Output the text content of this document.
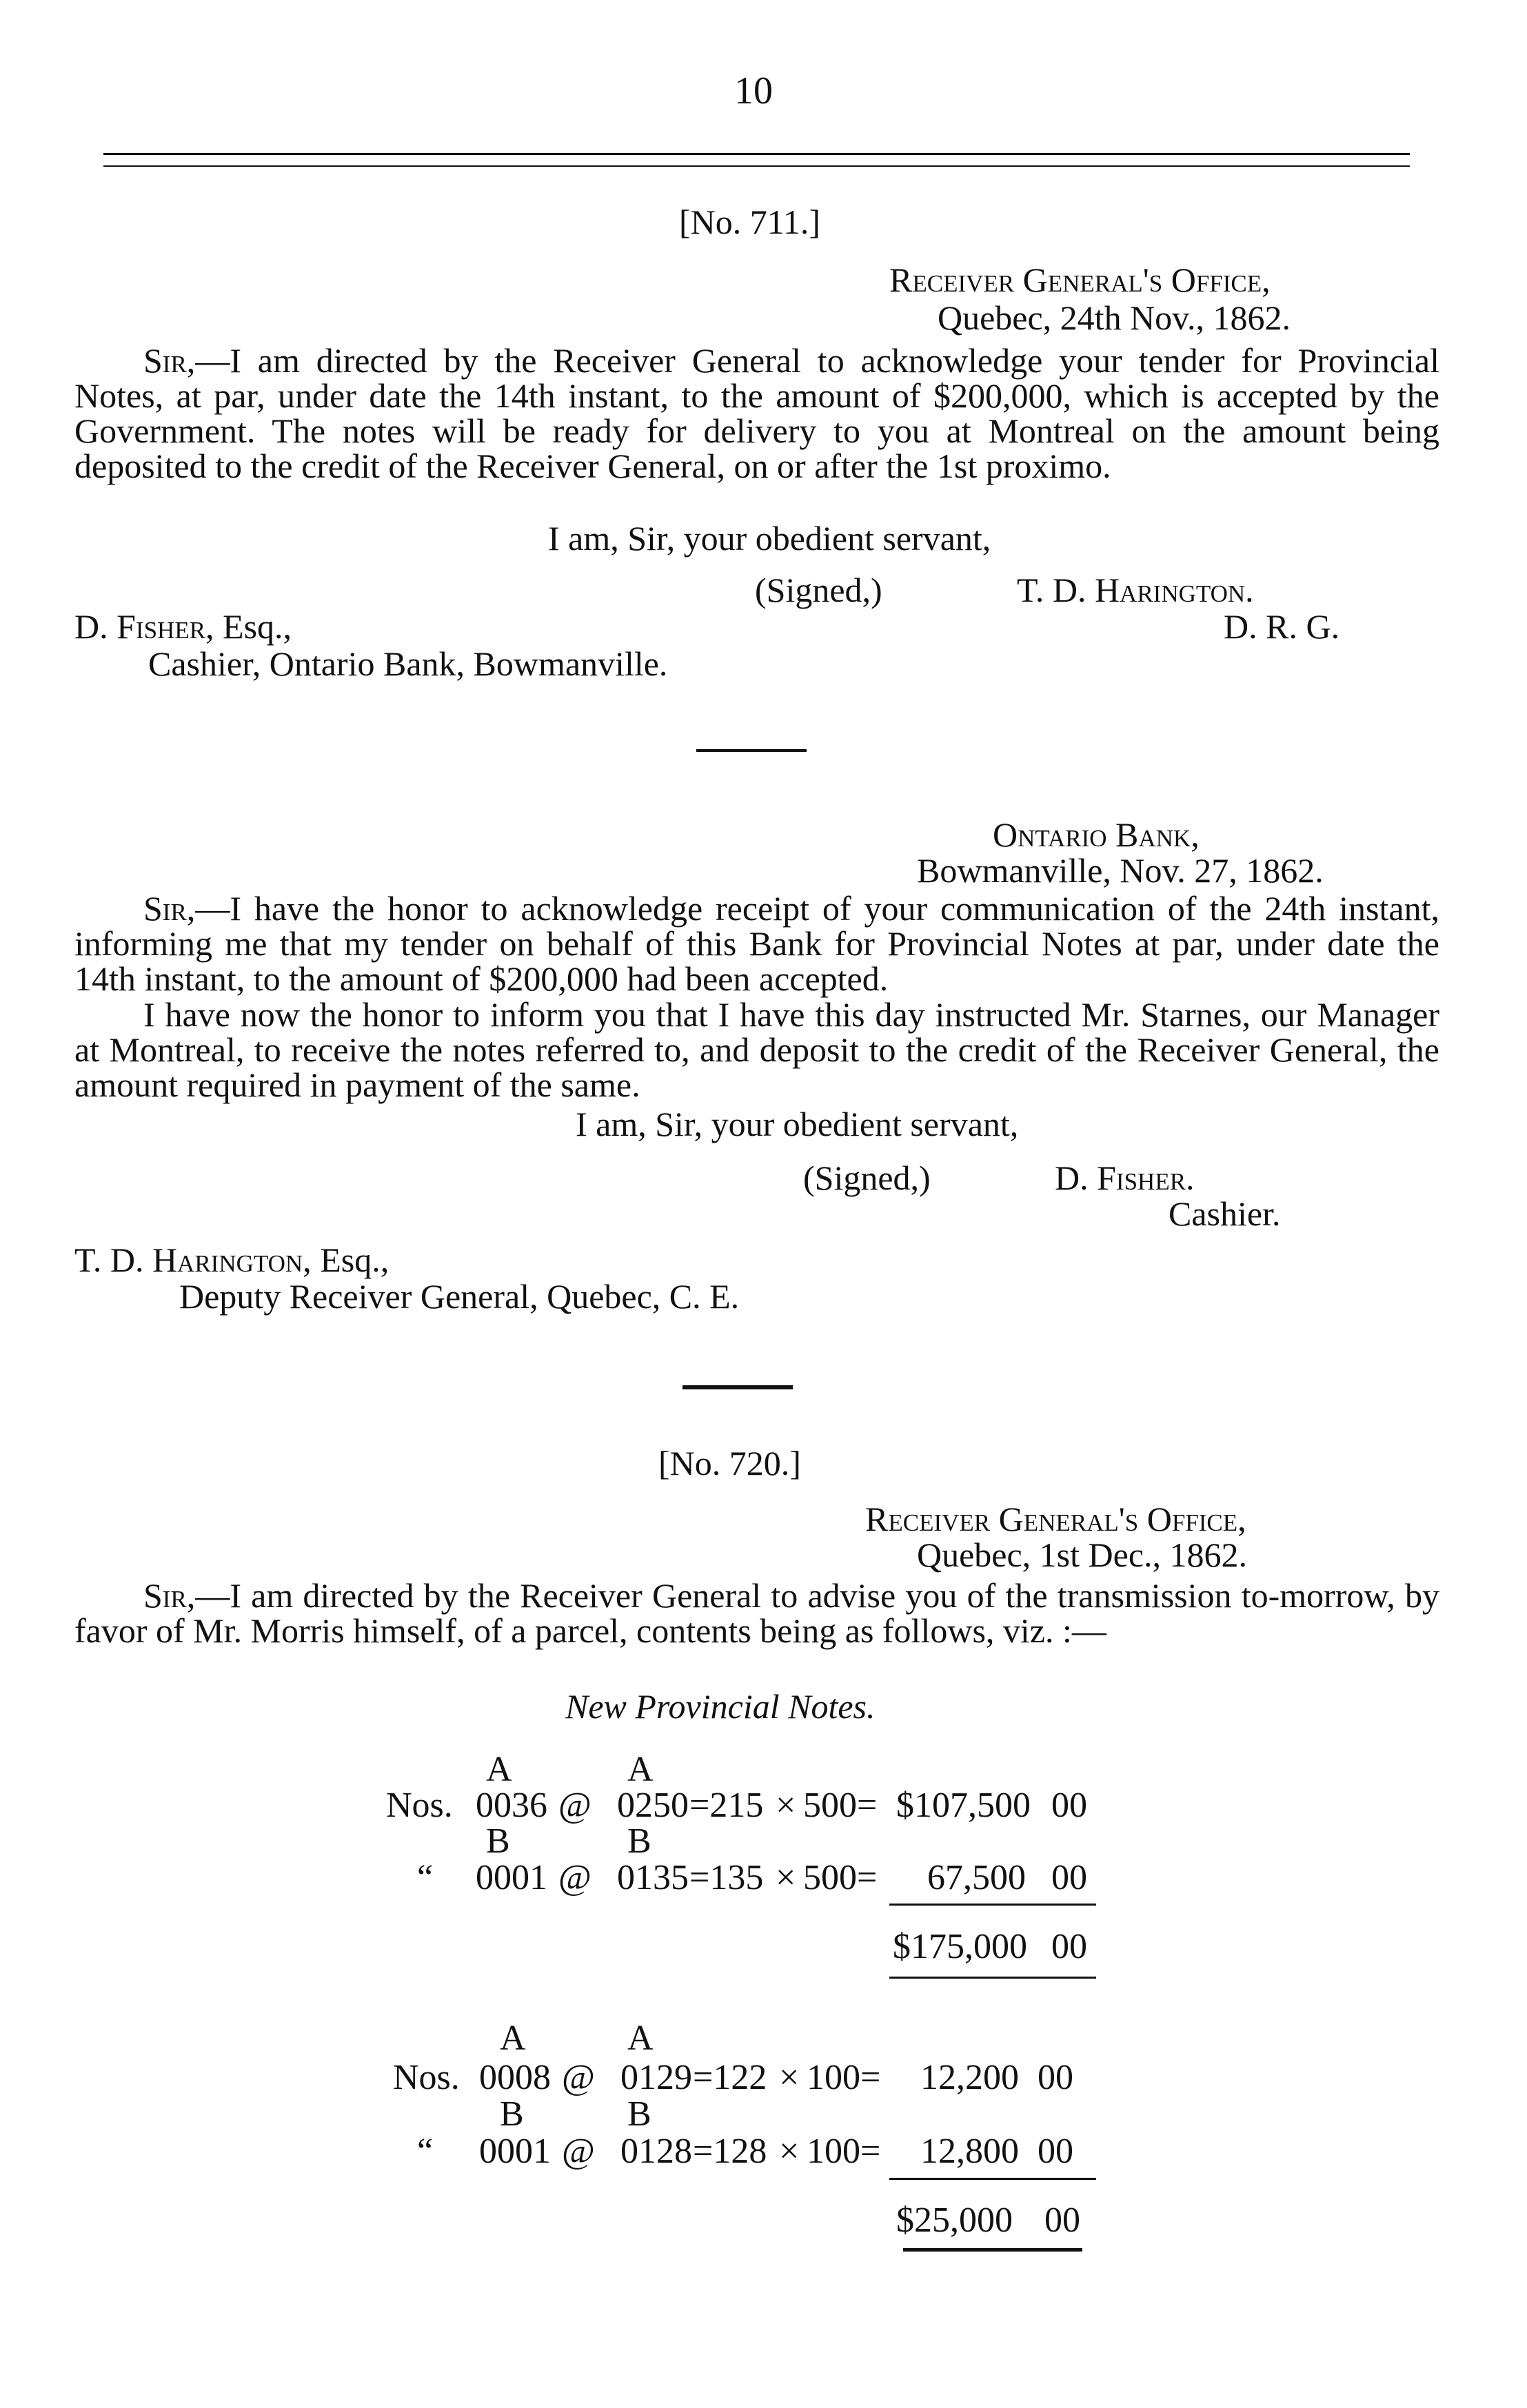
10
[No. 711.]
Receiver General's Office,
Quebec, 24th Nov., 1862.
Sir,—I am directed by the Receiver General to acknowledge your tender for Provincial Notes, at par, under date the 14th instant, to the amount of $200,000, which is accepted by the Government. The notes will be ready for delivery to you at Montreal on the amount being deposited to the credit of the Receiver General, on or after the 1st proximo.
I am, Sir, your obedient servant,
(Signed,)	T. D. Harington.
D. R. G.
D. Fisher, Esq.,
Cashier, Ontario Bank, Bowmanville.
Ontario Bank,
Bowmanville, Nov. 27, 1862.
Sir,—I have the honor to acknowledge receipt of your communication of the 24th instant, informing me that my tender on behalf of this Bank for Provincial Notes at par, under date the 14th instant, to the amount of $200,000 had been accepted.
I have now the honor to inform you that I have this day instructed Mr. Starnes, our Manager at Montreal, to receive the notes referred to, and deposit to the credit of the Receiver General, the amount required in payment of the same.
I am, Sir, your obedient servant,
(Signed,)	D. Fisher.
Cashier.
T. D. Harington, Esq.,
Deputy Receiver General, Quebec, C. E.
[No. 720.]
Receiver General's Office,
Quebec, 1st Dec., 1862.
Sir,—I am directed by the Receiver General to advise you of the transmission to-morrow, by favor of Mr. Morris himself, of a parcel, contents being as follows, viz. :—
New Provincial Notes.
A	A
Nos. 0036 @ 0250 =215 × 500= $107,500 00
B	B
“ 0001 @ 0135 =135 × 500= 67,500 00
$175,000 00
A	A
Nos. 0008 @ 0129 =122 × 100= 12,200 00
B	B
“ 0001 @ 0128 =128 × 100= 12,800 00
$25,000 00
